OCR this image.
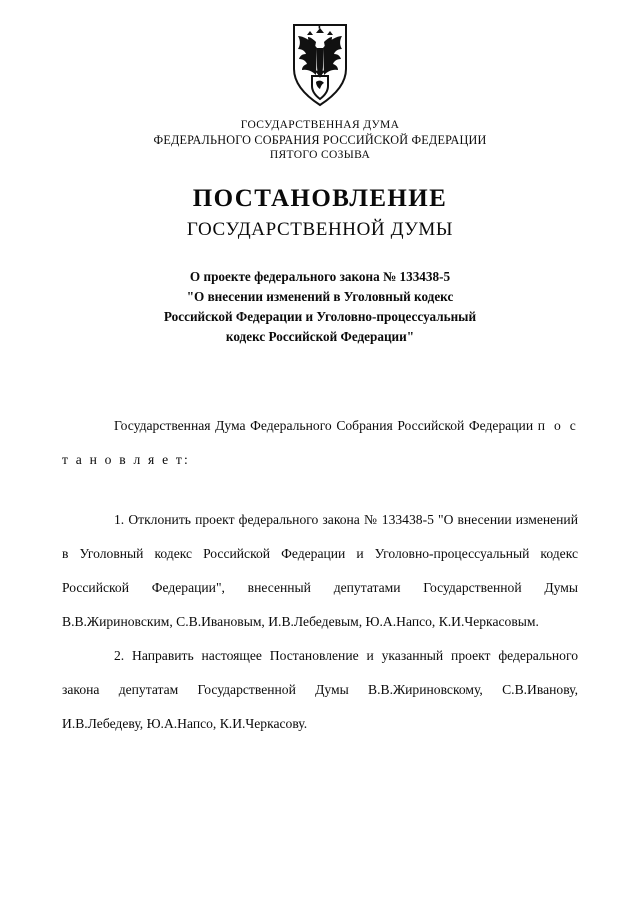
ГОСУДАРСТВЕННАЯ ДУМА
ФЕДЕРАЛЬНОГО СОБРАНИЯ РОССИЙСКОЙ ФЕДЕРАЦИИ
ПЯТОГО СОЗЫВА
ПОСТАНОВЛЕНИЕ
ГОСУДАРСТВЕННОЙ ДУМЫ
О проекте федерального закона № 133438-5
"О внесении изменений в Уголовный кодекс
Российской Федерации и Уголовно-процессуальный
кодекс Российской Федерации"

Государственная Дума Федерального Собрания Российской Федерации п о с т а н о в л я е т:

1. Отклонить проект федерального закона № 133438-5 "О внесении изменений в Уголовный кодекс Российской Федерации и Уголовно-процессуальный кодекс Российской Федерации", внесенный депутатами Государственной Думы В.В.Жириновским, С.В.Ивановым, И.В.Лебедевым, Ю.А.Напсо, К.И.Черкасовым.

2. Направить настоящее Постановление и указанный проект федерального закона депутатам Государственной Думы В.В.Жириновскому, С.В.Иванову, И.В.Лебедеву, Ю.А.Напсо, К.И.Черкасову.
